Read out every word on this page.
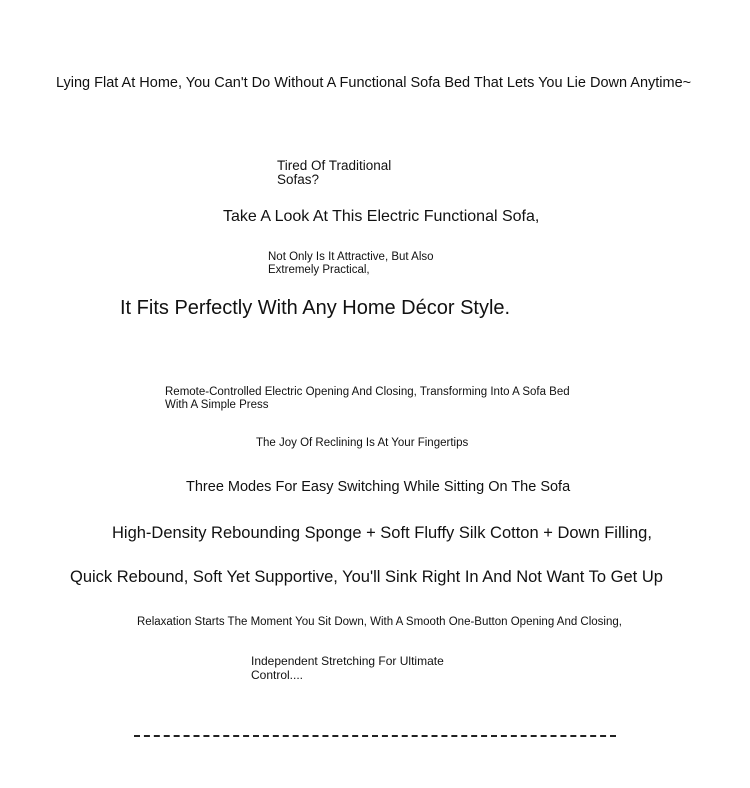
Lying Flat At Home, You Can't Do Without A Functional Sofa Bed That Lets You Lie Down Anytime~

Tired Of Traditional Sofas?

Take A Look At This Electric Functional Sofa,

Not Only Is It Attractive, But Also Extremely Practical,

It Fits Perfectly With Any Home Décor Style.

Remote-Controlled Electric Opening And Closing, Transforming Into A Sofa Bed With A Simple Press

The Joy Of Reclining Is At Your Fingertips

Three Modes For Easy Switching While Sitting On The Sofa

High-Density Rebounding Sponge + Soft Fluffy Silk Cotton + Down Filling,

Quick Rebound, Soft Yet Supportive, You'll Sink Right In And Not Want To Get Up

Relaxation Starts The Moment You Sit Down, With A Smooth One-Button Opening And Closing,

Independent Stretching For Ultimate Control....
